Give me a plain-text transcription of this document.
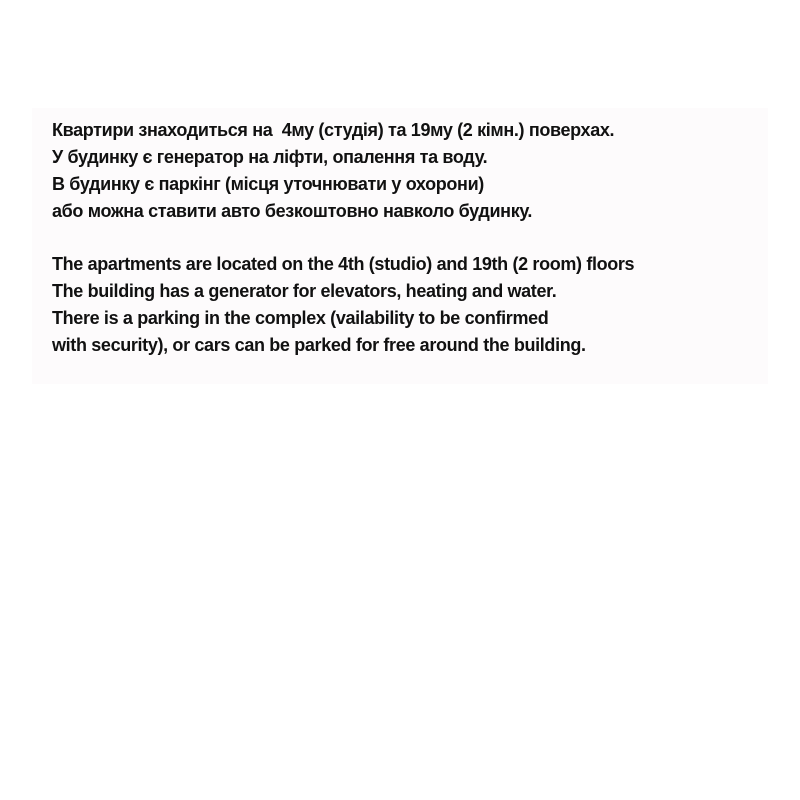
Квартири знаходиться на  4му (студія) та 19му (2 кімн.) поверхах.
У будинку є генератор на ліфти, опалення та воду.
В будинку є паркінг (місця уточнювати у охорони)
або можна ставити авто безкоштовно навколо будинку.
The apartments are located on the 4th (studio) and 19th (2 room) floors
The building has a generator for elevators, heating and water.
There is a parking in the complex (vailability to be confirmed
with security), or cars can be parked for free around the building.
